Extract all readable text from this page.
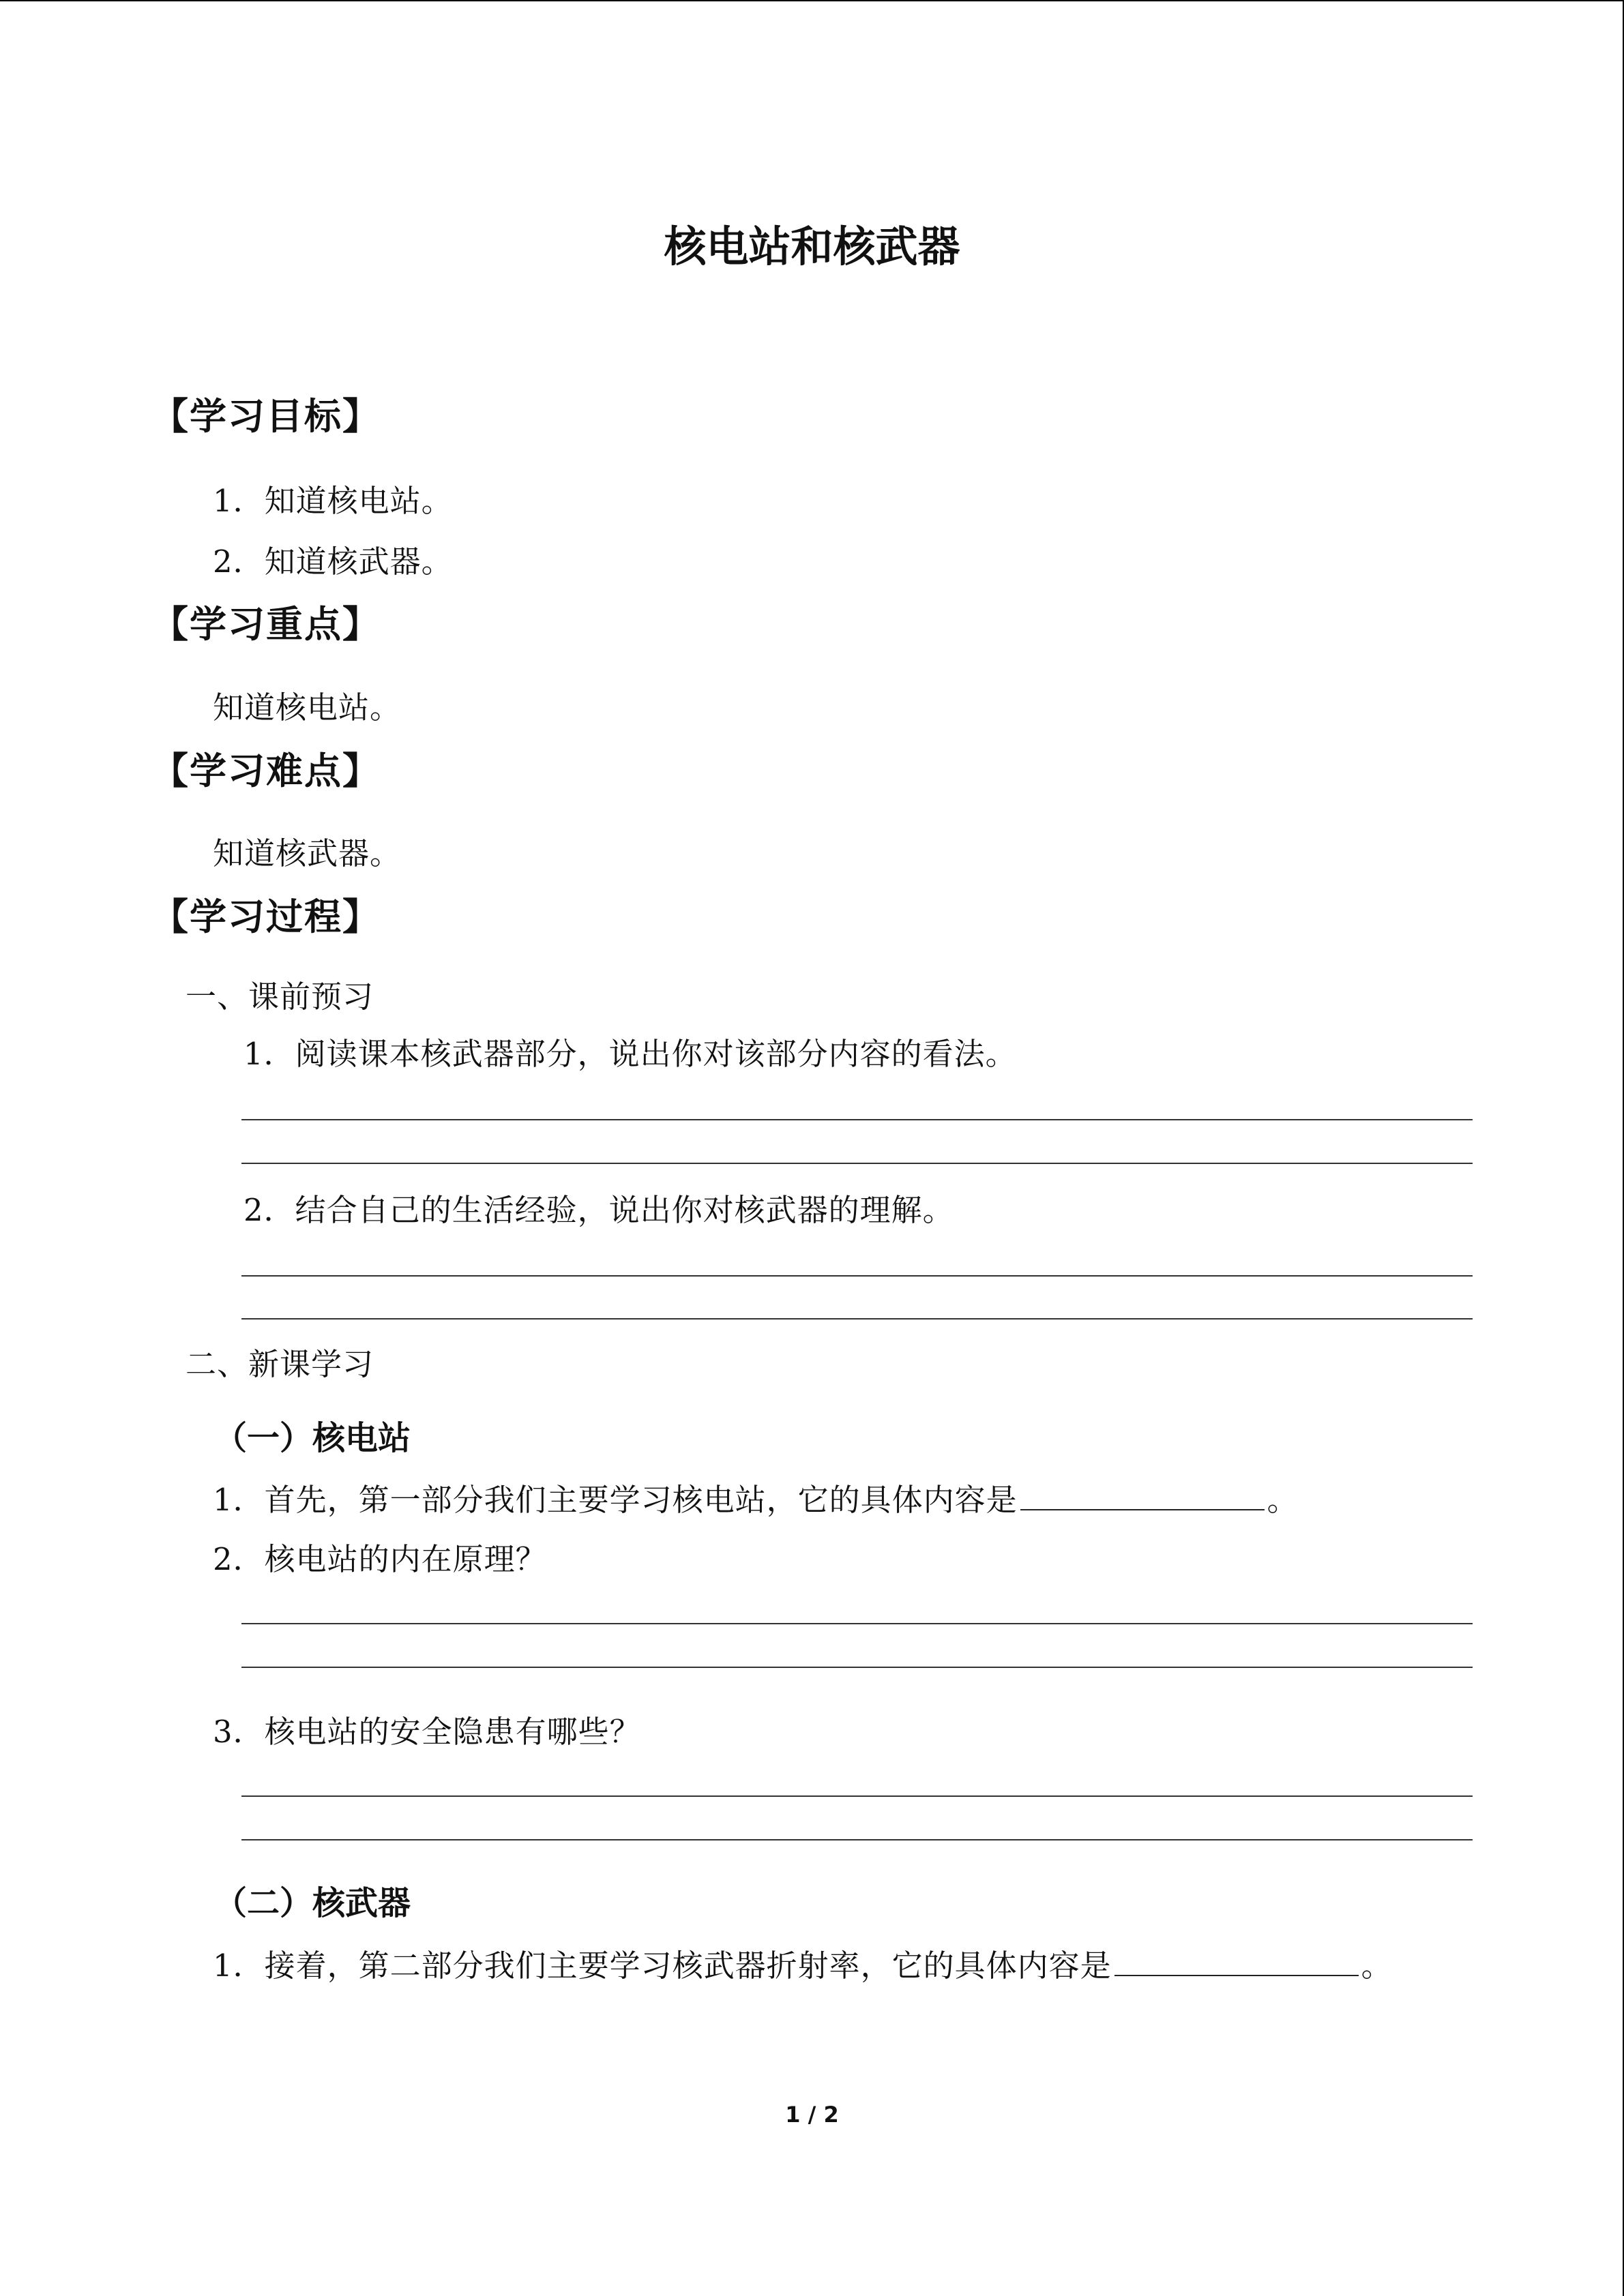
核电站和核武器
【学习目标】
1．知道核电站。
2．知道核武器。
【学习重点】
知道核电站。
【学习难点】
知道核武器。
【学习过程】
一、课前预习
1．阅读课本核武器部分，说出你对该部分内容的看法。
2．结合自己的生活经验，说出你对核武器的理解。
二、新课学习
（一）核电站
1．首先，第一部分我们主要学习核电站，它的具体内容是	。
2．核电站的内在原理？
3．核电站的安全隐患有哪些？
（二）核武器
1．接着，第二部分我们主要学习核武器折射率，它的具体内容是	。
1 / 2
